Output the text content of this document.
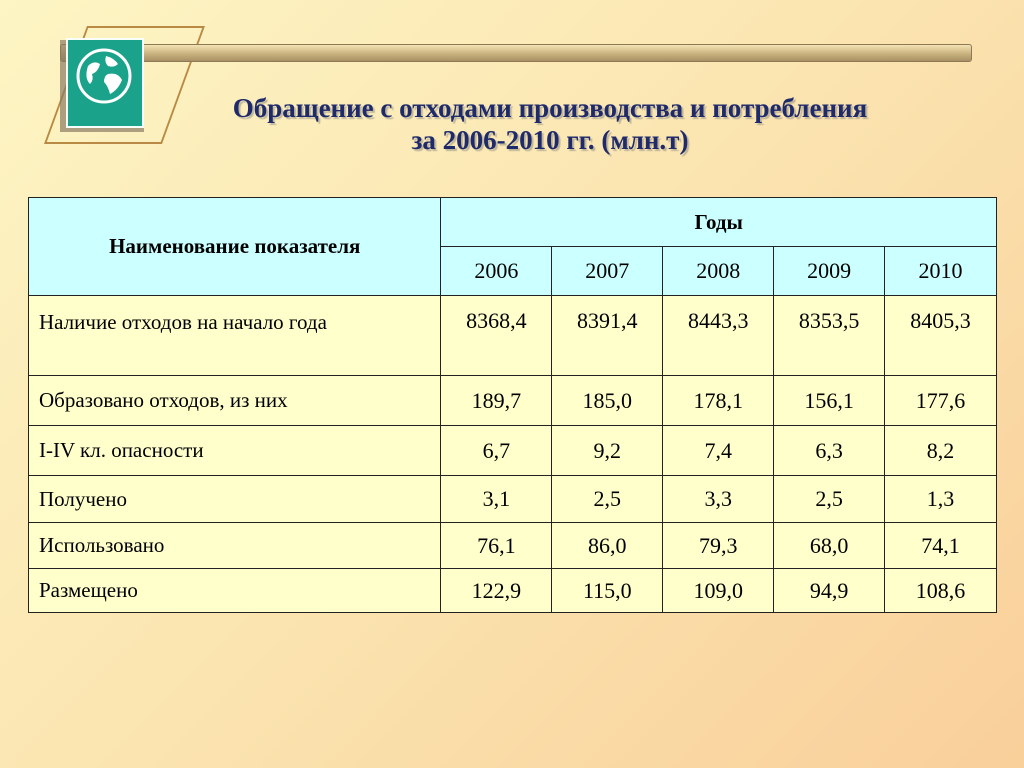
Обращение с отходами производства и потребления
за 2006-2010 гг. (млн.т)
Наименование показателя	Годы				
	2006	2007	2008	2009	2010
Наличие отходов на начало года	8368,4	8391,4	8443,3	8353,5	8405,3
Образовано отходов, из них	189,7	185,0	178,1	156,1	177,6
I-IV кл. опасности	6,7	9,2	7,4	6,3	8,2
Получено	3,1	2,5	3,3	2,5	1,3
Использовано	76,1	86,0	79,3	68,0	74,1
Размещено	122,9	115,0	109,0	94,9	108,6
